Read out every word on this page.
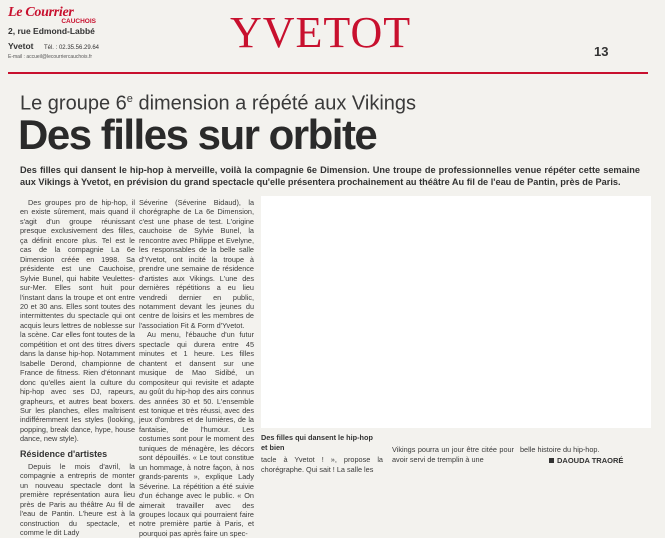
Le Courrier
CAUCHOIS
2, rue Edmond-Labbé
Yvetot Tél. : 02.35.56.29.64
E-mail : accueil@lecourriercauchois.fr	YVETOT	13
Le groupe 6e dimension a répété aux Vikings
Des filles sur orbite
Des filles qui dansent le hip-hop à merveille, voilà la compagnie 6e Dimension. Une troupe de professionnelles venue répéter cette semaine aux Vikings à Yvetot, en prévision du grand spectacle qu'elle présentera prochainement au théâtre Au fil de l'eau de Pantin, près de Paris.

Des groupes pro de hip-hop, il en existe sûrement, mais quand il s'agit d'un groupe réunissant presque exclusivement des filles, ça définit encore plus. Tel est le cas de la compagnie La 6e Dimension créée en 1998. Sa présidente est une Cauchoise, Sylvie Bunel, qui habite Veulettes-sur-Mer. Elles sont huit pour l'instant dans la troupe et ont entre 20 et 30 ans. Elles sont toutes des intermittentes du spectacle qui ont acquis leurs lettres de noblesse sur la scène. Car elles font toutes de la compétition et ont des titres divers dans la danse hip-hop. Notamment Isabelle Derond, championne de France de fitness. Rien d'étonnant donc qu'elles aient la culture du hip-hop avec ses DJ, rapeurs, grapheurs, et autres beat boxers. Sur les planches, elles maîtrisent indifféremment les styles (looking, popping, break dance, hype, house dance, new style).

Résidence d'artistes

Depuis le mois d'avril, la compagnie a entrepris de monter un nouveau spectacle dont la première représentation aura lieu près de Paris au théâtre Au fil de l'eau de Pantin. L'heure est à la construction du spectacle, et comme le dit Lady

Séverine (Séverine Bidaud), la chorégraphe de La 6e Dimension, c'est une phase de test. L'origine cauchoise de Sylvie Bunel, la rencontre avec Philippe et Evelyne, les responsables de la belle salle d'Yvetot, ont incité la troupe à prendre une semaine de résidence d'artistes aux Vikings. L'une des dernières répétitions a eu lieu vendredi dernier en public, notamment devant les jeunes du centre de loisirs et les membres de l'association Fit & Form d'Yvetot.

Au menu, l'ébauche d'un futur spectacle qui durera entre 45 minutes et 1 heure. Les filles chantent et dansent sur une musique de Mao Sidibé, un compositeur qui revisite et adapte au goût du hip-hop des airs connus des années 30 et 50. L'ensemble est tonique et très réussi, avec des jeux d'ombres et de lumières, de la fantaisie, de l'humour. Les costumes sont pour le moment des tuniques de ménagère, les décors sont dépouillés. « Le tout constitue un hommage, à notre façon, à nos grands-parents », explique Lady Séverine. La répétition a été suivie d'un échange avec le public. « On aimerait travailler avec des groupes locaux qui pourraient faire notre première partie à Paris, et pourquoi pas après faire un spec-

Des filles qui dansent le hip-hop et bien
tacle à Yvetot ! », propose la chorégraphe. Qui sait ! La salle les
Vikings pourra un jour être citée pour avoir servi de tremplin à une
belle histoire du hip-hop.
DAOUDA TRAORÉ
